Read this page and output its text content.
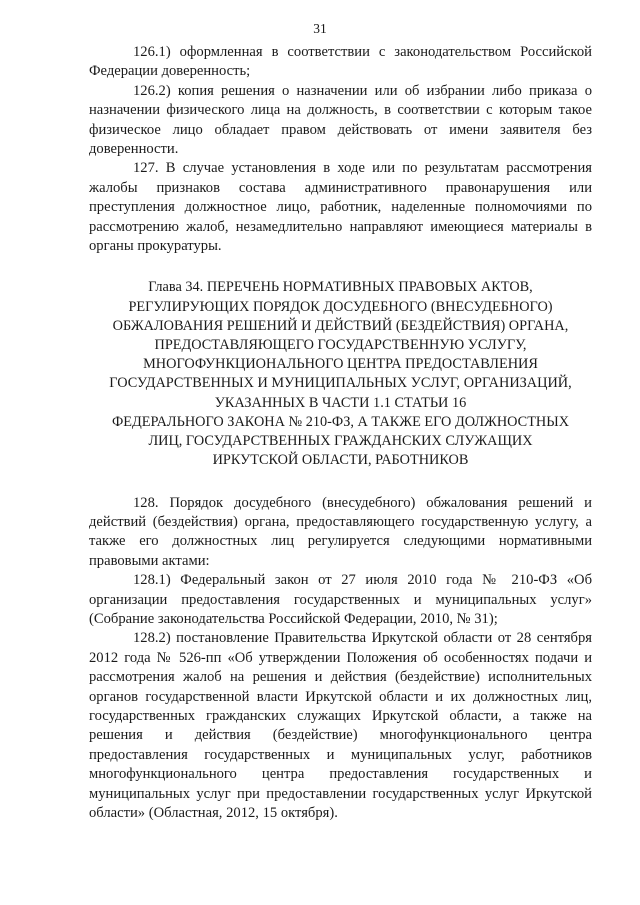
31

126.1) оформленная в соответствии с законодательством Российской Федерации доверенность;

126.2) копия решения о назначении или об избрании либо приказа о назначении физического лица на должность, в соответствии с которым такое физическое лицо обладает правом действовать от имени заявителя без доверенности.

127. В случае установления в ходе или по результатам рассмотрения жалобы признаков состава административного правонарушения или преступления должностное лицо, работник, наделенные полномочиями по рассмотрению жалоб, незамедлительно направляют имеющиеся материалы в органы прокуратуры.

Глава 34. ПЕРЕЧЕНЬ НОРМАТИВНЫХ ПРАВОВЫХ АКТОВ,
РЕГУЛИРУЮЩИХ ПОРЯДОК ДОСУДЕБНОГО (ВНЕСУДЕБНОГО)
ОБЖАЛОВАНИЯ РЕШЕНИЙ И ДЕЙСТВИЙ (БЕЗДЕЙСТВИЯ) ОРГАНА,
ПРЕДОСТАВЛЯЮЩЕГО ГОСУДАРСТВЕННУЮ УСЛУГУ,
МНОГОФУНКЦИОНАЛЬНОГО ЦЕНТРА ПРЕДОСТАВЛЕНИЯ
ГОСУДАРСТВЕННЫХ И МУНИЦИПАЛЬНЫХ УСЛУГ, ОРГАНИЗАЦИЙ,
УКАЗАННЫХ В ЧАСТИ 1.1 СТАТЬИ 16
ФЕДЕРАЛЬНОГО ЗАКОНА № 210-ФЗ, А ТАКЖЕ ЕГО ДОЛЖНОСТНЫХ
ЛИЦ, ГОСУДАРСТВЕННЫХ ГРАЖДАНСКИХ СЛУЖАЩИХ
ИРКУТСКОЙ ОБЛАСТИ, РАБОТНИКОВ

128. Порядок досудебного (внесудебного) обжалования решений и действий (бездействия) органа, предоставляющего государственную услугу, а также его должностных лиц регулируется следующими нормативными правовыми актами:

128.1) Федеральный закон от 27 июля 2010 года № 210-ФЗ «Об организации предоставления государственных и муниципальных услуг» (Собрание законодательства Российской Федерации, 2010, № 31);

128.2) постановление Правительства Иркутской области от 28 сентября 2012 года № 526-пп «Об утверждении Положения об особенностях подачи и рассмотрения жалоб на решения и действия (бездействие) исполнительных органов государственной власти Иркутской области и их должностных лиц, государственных гражданских служащих Иркутской области, а также на решения и действия (бездействие) многофункционального центра предоставления государственных и муниципальных услуг, работников многофункционального центра предоставления государственных и муниципальных услуг при предоставлении государственных услуг Иркутской области» (Областная, 2012, 15 октября).
